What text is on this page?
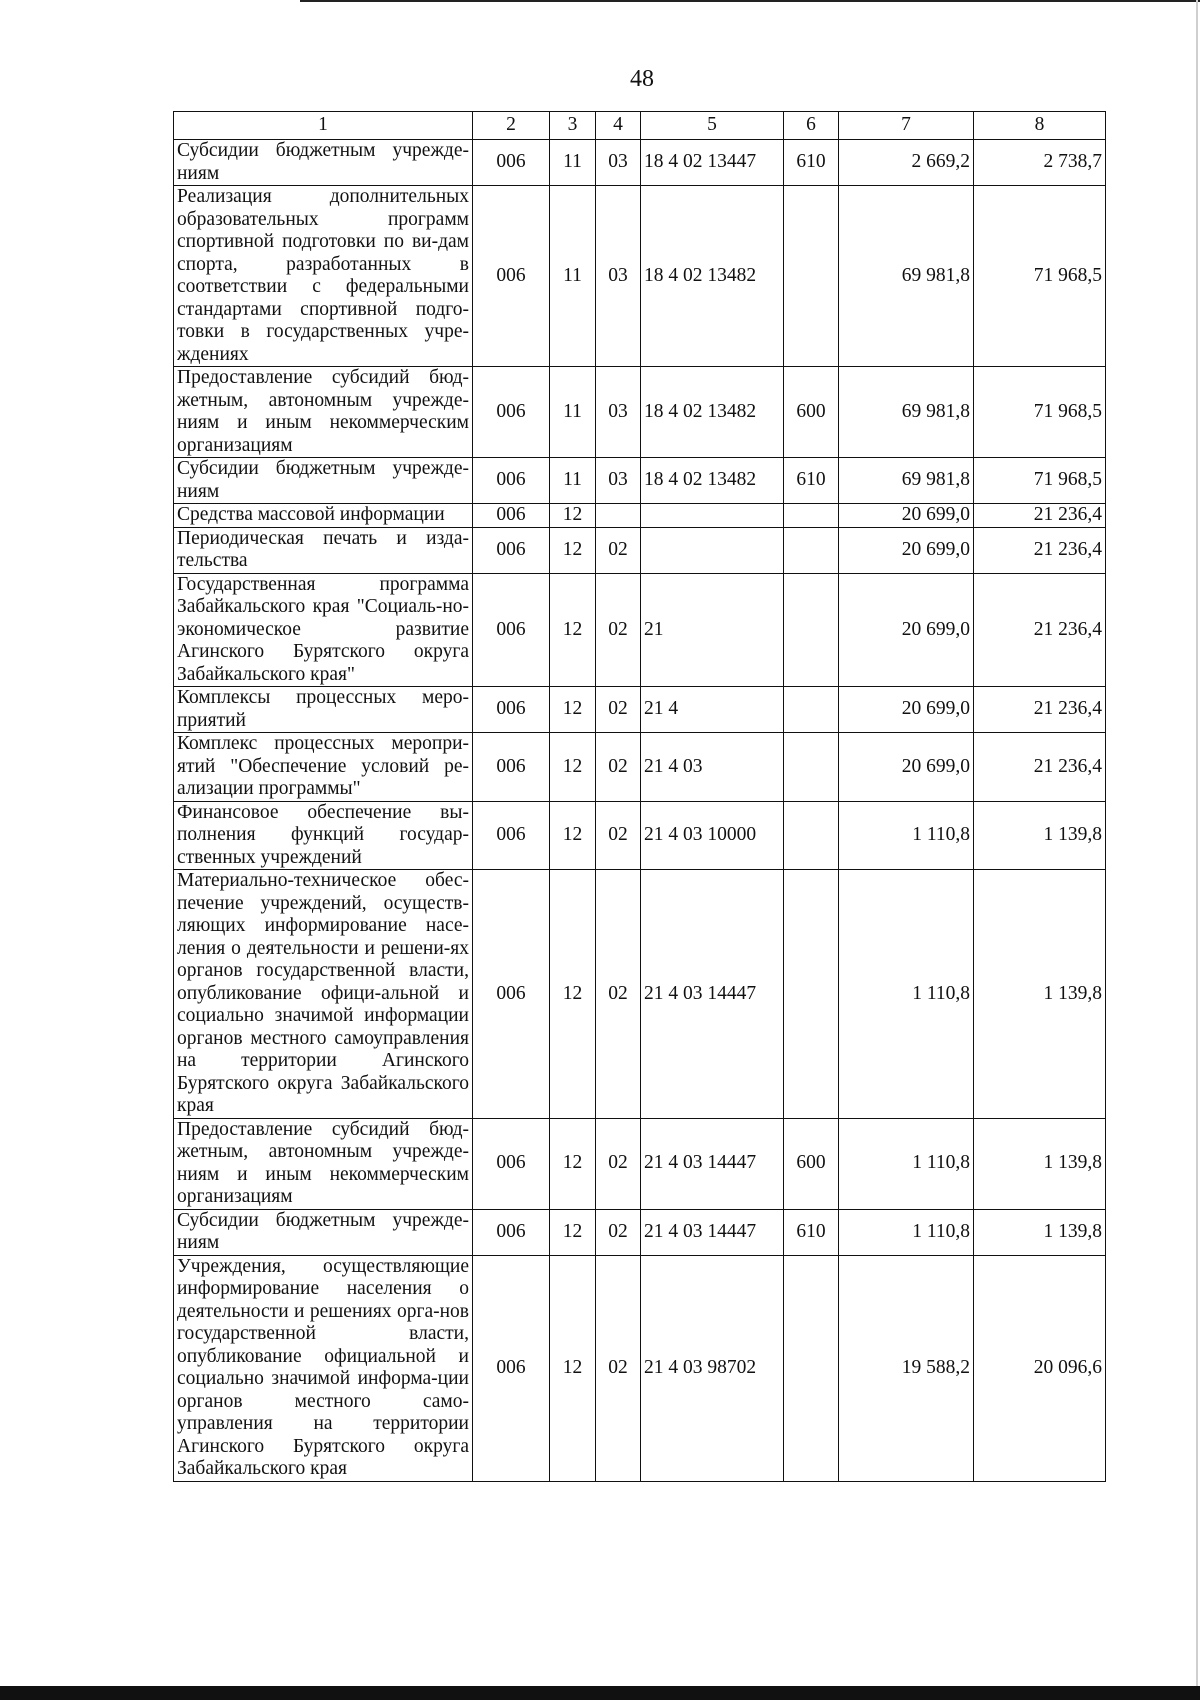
48
1	2	3	4	5	6	7	8
Субсидии бюджетным учрежде-ниям	006	11	03	18 4 02 13447	610	2 669,2	2 738,7
Реализация дополнительных образовательных программ спортивной подготовки по ви-дам спорта, разработанных в соответствии с федеральными стандартами спортивной подго-товки в государственных учре-ждениях	006	11	03	18 4 02 13482		69 981,8	71 968,5
Предоставление субсидий бюд-жетным, автономным учрежде-ниям и иным некоммерческим организациям	006	11	03	18 4 02 13482	600	69 981,8	71 968,5
Субсидии бюджетным учрежде-ниям	006	11	03	18 4 02 13482	610	69 981,8	71 968,5
Средства массовой информации	006	12				20 699,0	21 236,4
Периодическая печать и изда-тельства	006	12	02			20 699,0	21 236,4
Государственная программа Забайкальского края "Социаль-но-экономическое развитие Агинского Бурятского округа Забайкальского края"	006	12	02	21		20 699,0	21 236,4
Комплексы процессных меро-приятий	006	12	02	21 4		20 699,0	21 236,4
Комплекс процессных меропри-ятий "Обеспечение условий ре-ализации программы"	006	12	02	21 4 03		20 699,0	21 236,4
Финансовое обеспечение вы-полнения функций государ-ственных учреждений	006	12	02	21 4 03 10000		1 110,8	1 139,8
Материально-техническое обес-печение учреждений, осуществ-ляющих информирование насе-ления о деятельности и решени-ях органов государственной власти, опубликование офици-альной и социально значимой информации органов местного самоуправления на территории Агинского Бурятского округа Забайкальского края	006	12	02	21 4 03 14447		1 110,8	1 139,8
Предоставление субсидий бюд-жетным, автономным учрежде-ниям и иным некоммерческим организациям	006	12	02	21 4 03 14447	600	1 110,8	1 139,8
Субсидии бюджетным учрежде-ниям	006	12	02	21 4 03 14447	610	1 110,8	1 139,8
Учреждения, осуществляющие информирование населения о деятельности и решениях орга-нов государственной власти, опубликование официальной и социально значимой информа-ции органов местного само-управления на территории Агинского Бурятского округа Забайкальского края	006	12	02	21 4 03 98702		19 588,2	20 096,6
